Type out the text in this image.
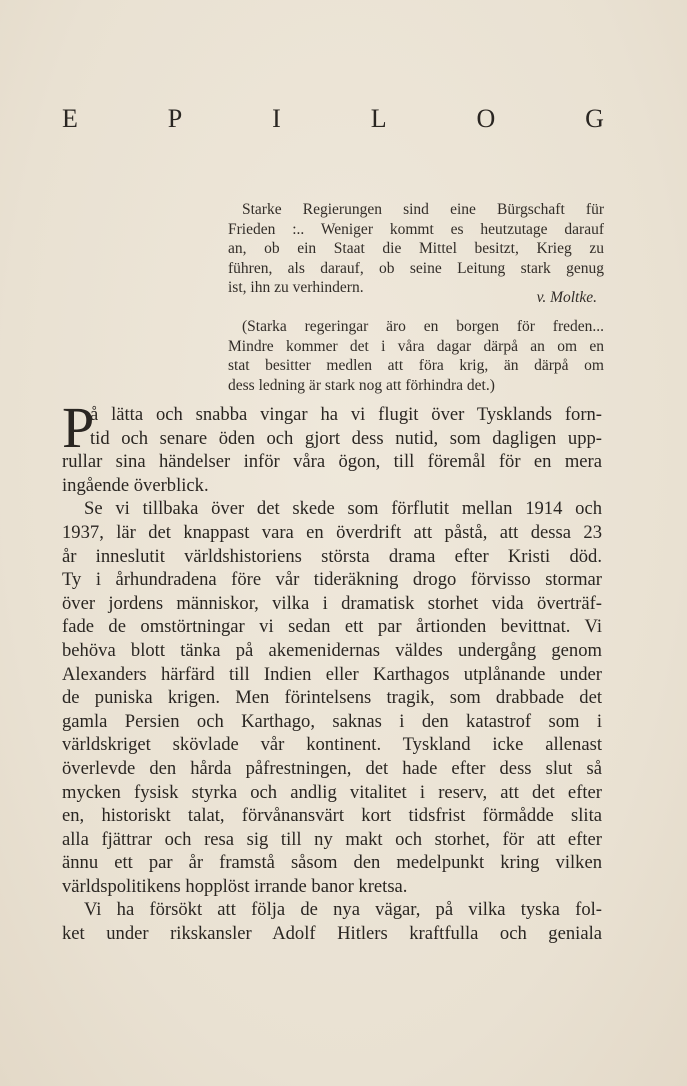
E	P	I	L	O	G
Starke Regierungen sind eine Bürgschaft für
Frieden :.. Weniger kommt es heutzutage darauf
an, ob ein Staat die Mittel besitzt, Krieg zu
führen, als darauf, ob seine Leitung stark genug
ist, ihn zu verhindern.
v. Moltke.
(Starka regeringar äro en borgen för freden...
Mindre kommer det i våra dagar därpå an om en
stat besitter medlen att föra krig, än därpå om
dess ledning är stark nog att förhindra det.)
P
å lätta och snabba vingar ha vi flugit över Tysklands forn-
tid och senare öden och gjort dess nutid, som dagligen upp-
rullar sina händelser inför våra ögon, till föremål för en mera
ingående överblick.
Se vi tillbaka över det skede som förflutit mellan 1914 och
1937, lär det knappast vara en överdrift att påstå, att dessa 23
år inneslutit världshistoriens största drama efter Kristi död.
Ty i århundradena före vår tideräkning drogo förvisso stormar
över jordens människor, vilka i dramatisk storhet vida överträf-
fade de omstörtningar vi sedan ett par årtionden bevittnat. Vi
behöva blott tänka på akemenidernas väldes undergång genom
Alexanders härfärd till Indien eller Karthagos utplånande under
de puniska krigen. Men förintelsens tragik, som drabbade det
gamla Persien och Karthago, saknas i den katastrof som i
världskriget skövlade vår kontinent. Tyskland icke allenast
överlevde den hårda påfrestningen, det hade efter dess slut så
mycken fysisk styrka och andlig vitalitet i reserv, att det efter
en, historiskt talat, förvånansvärt kort tidsfrist förmådde slita
alla fjättrar och resa sig till ny makt och storhet, för att efter
ännu ett par år framstå såsom den medelpunkt kring vilken
världspolitikens hopplöst irrande banor kretsa.
Vi ha försökt att följa de nya vägar, på vilka tyska fol-
ket under rikskansler Adolf Hitlers kraftfulla och geniala
